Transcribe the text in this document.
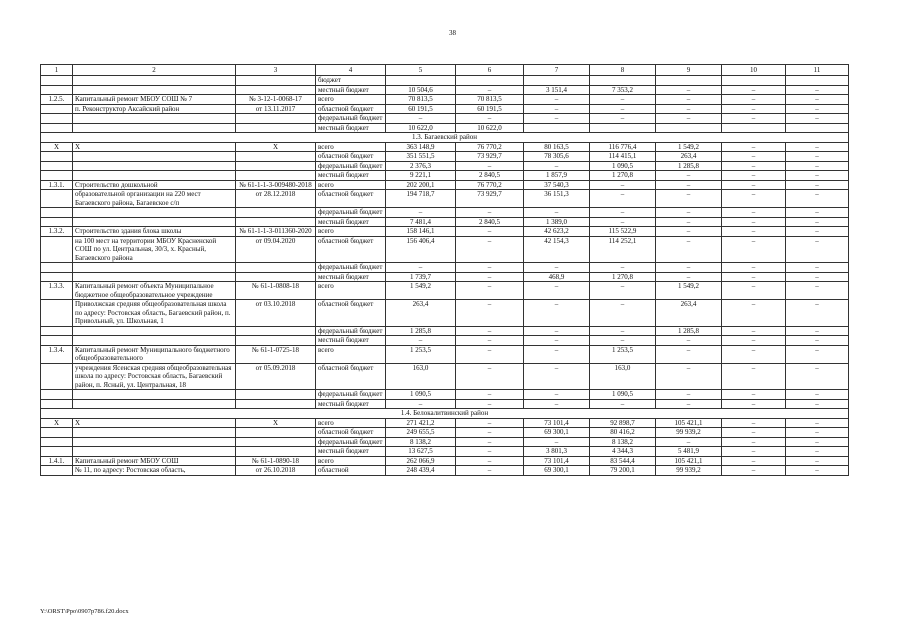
38
1	2	3	4	5	6	7	8	9	10	11
			бюджет							
			местный бюджет	10 504,6	–	3 151,4	7 353,2	–	–	–
1.2.5.	Капитальный ремонт МБОУ СОШ № 7	№ 3-12-1-0068-17	всего	70 813,5	70 813,5	–	–	–	–	–
	п. Реконструктор Аксайский район	от 13.11.2017	областной бюджет	60 191,5	60 191,5	–	–	–	–	–
			федеральный бюджет	–	–	–	–	–	–	–
			местный бюджет	10 622,0	10 622,0					
1.3. Багаевский район										
X	X	X	всего	363 148,9	76 770,2	80 163,5	116 776,4	1 549,2	–	–
			областной бюджет	351 551,5	73 929,7	78 305,6	114 415,1	263,4	–	–
			федеральный бюджет	2 376,3	–	–	1 090,5	1 285,8	–	–
			местный бюджет	9 221,1	2 840,5	1 857,9	1 270,8	–	–	–
1.3.1.	Строительство дошкольной	№ 61-1-1-3-009480-2018	всего	202 200,1	76 770,2	37 540,3	–	–	–	–
	образовательной организации на 220 мест Багаевского района, Багаевское с/п	от 28.12.2018	областной бюджет	194 718,7	73 929,7	36 151,3	–	–	–	–
			федеральный бюджет	–	–	–	–	–	–	–
			местный бюджет	7 481,4	2 840,5	1 389,0	–	–	–	–
1.3.2.	Строительство здания блока школы	№ 61-1-1-3-011360-2020	всего	158 146,1	–	42 623,2	115 522,9	–	–	–
	на 100 мест на территории МБОУ Красненской СОШ по ул. Центральная, 30/3, х. Красный, Багаевского района	от 09.04.2020	областной бюджет	156 406,4	–	42 154,3	114 252,1	–	–	–
			федеральный бюджет	–	–	–	–	–	–	–
			местный бюджет	1 739,7	–	468,9	1 270,8	–	–	–
1.3.3.	Капитальный ремонт объекта Муниципальное бюджетное общеобразовательное учреждение	№ 61-1-0808-18	всего	1 549,2	–	–	–	1 549,2	–	–
	Приволжская средняя общеобразовательная школа по адресу: Ростовская область, Багаевский район, п. Привольный, ул. Школьная, 1	от 03.10.2018	областной бюджет	263,4	–	–	–	263,4	–	–
			федеральный бюджет	1 285,8	–	–	–	1 285,8	–	–
			местный бюджет	–	–	–	–	–	–	–
1.3.4.	Капитальный ремонт Муниципального бюджетного общеобразовательного	№ 61-1-0725-18	всего	1 253,5	–	–	1 253,5	–	–	–
	учреждения Ясенская средняя общеобразовательная школа по адресу: Ростовская область, Багаевский район, п. Ясный, ул. Центральная, 18	от 05.09.2018	областной бюджет	163,0	–	–	163,0	–	–	–
			федеральный бюджет	1 090,5	–	–	1 090,5	–	–	–
			местный бюджет	–	–	–	–	–	–	–
1.4. Белокалитвинский район										
X	X	X	всего	271 421,2	–	73 101,4	92 898,7	105 421,1	–	–
			областной бюджет	249 655,5	–	69 300,1	80 416,2	99 939,2	–	–
			федеральный бюджет	8 138,2	–	–	8 138,2	–	–	–
			местный бюджет	13 627,5	–	3 801,3	4 344,3	5 481,9	–	–
1.4.1.	Капитальный ремонт МБОУ СОШ	№ 61-1-0890-18	всего	262 066,9	–	73 101,4	83 544,4	105 421,1	–	–
	№ 11, по адресу: Ростовская область,	от 26.10.2018	областной	248 439,4	–	69 300,1	79 200,1	99 939,2	–	–
Y:\ORST\Ppo\0907p786.f20.docx
